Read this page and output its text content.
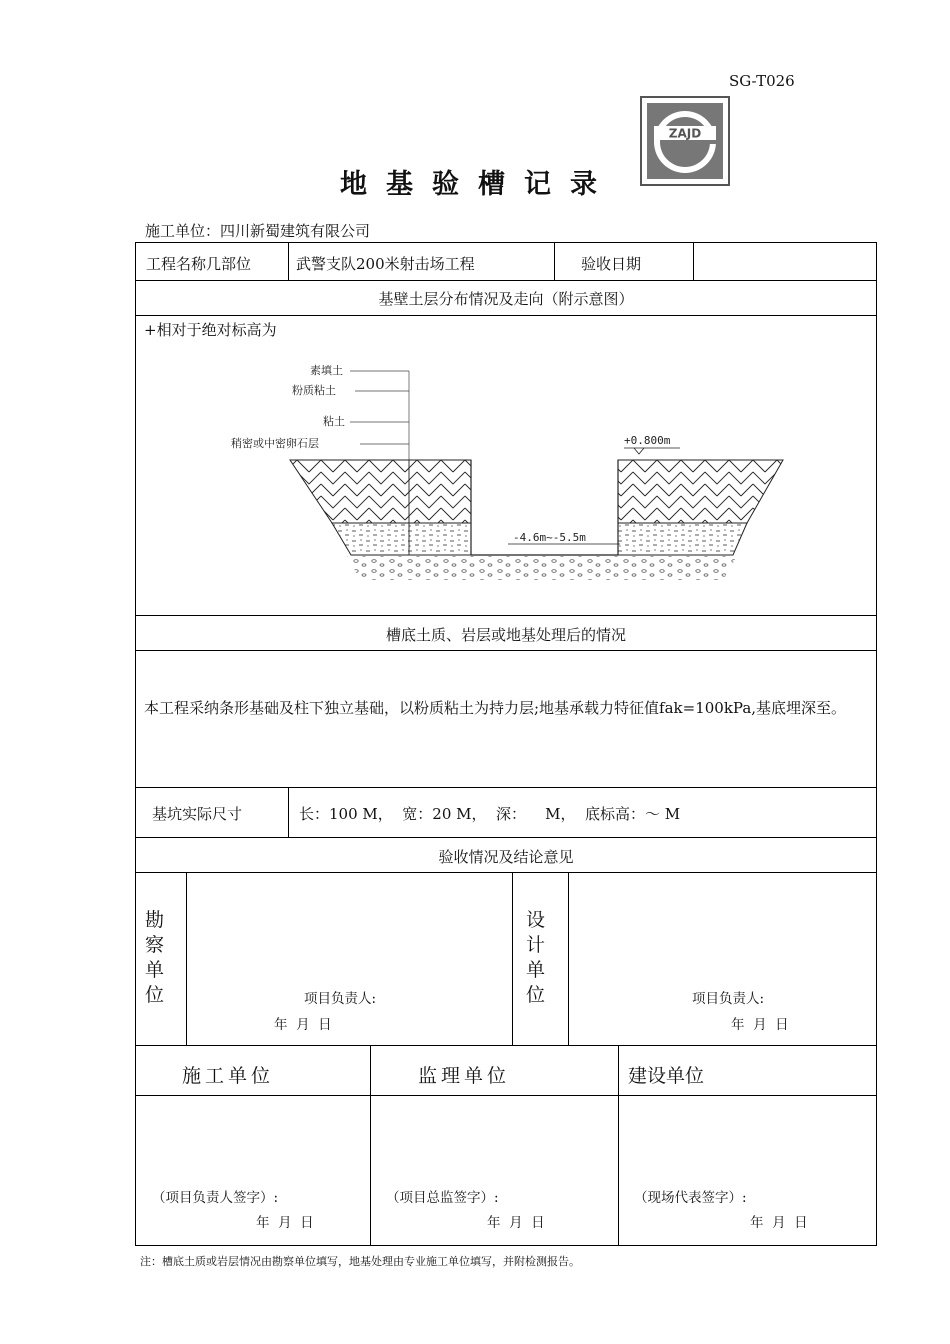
SG-T026
ZAJD
地基验槽记录
施工单位：四川新蜀建筑有限公司
工程名称几部位	武警支队200米射击场工程	验收日期
基壁土层分布情况及走向（附示意图）
+相对于绝对标高为
槽底土质、岩层或地基处理后的情况
本工程采纳条形基础及柱下独立基础，以粉质粘土为持力层;地基承载力特征值fak=100kPa,基底埋深至。
基坑实际尺寸	长：100 M，  宽：20 M，  深：    M，  底标高：～ M
验收情况及结论意见
勘察单位	项目负责人:
年  月  日
设计单位	项目负责人:
年  月  日
施工单位	监理单位	建设单位
（项目负责人签字）:
年  月  日
（项目总监签字）:
年  月  日
（现场代表签字）:
年  月  日
素填土
粉质粘土
粘土
稍密或中密卵石层	+0.800m
-4.6m~-5.5m
注：槽底土质或岩层情况由勘察单位填写，地基处理由专业施工单位填写，并附检测报告。
